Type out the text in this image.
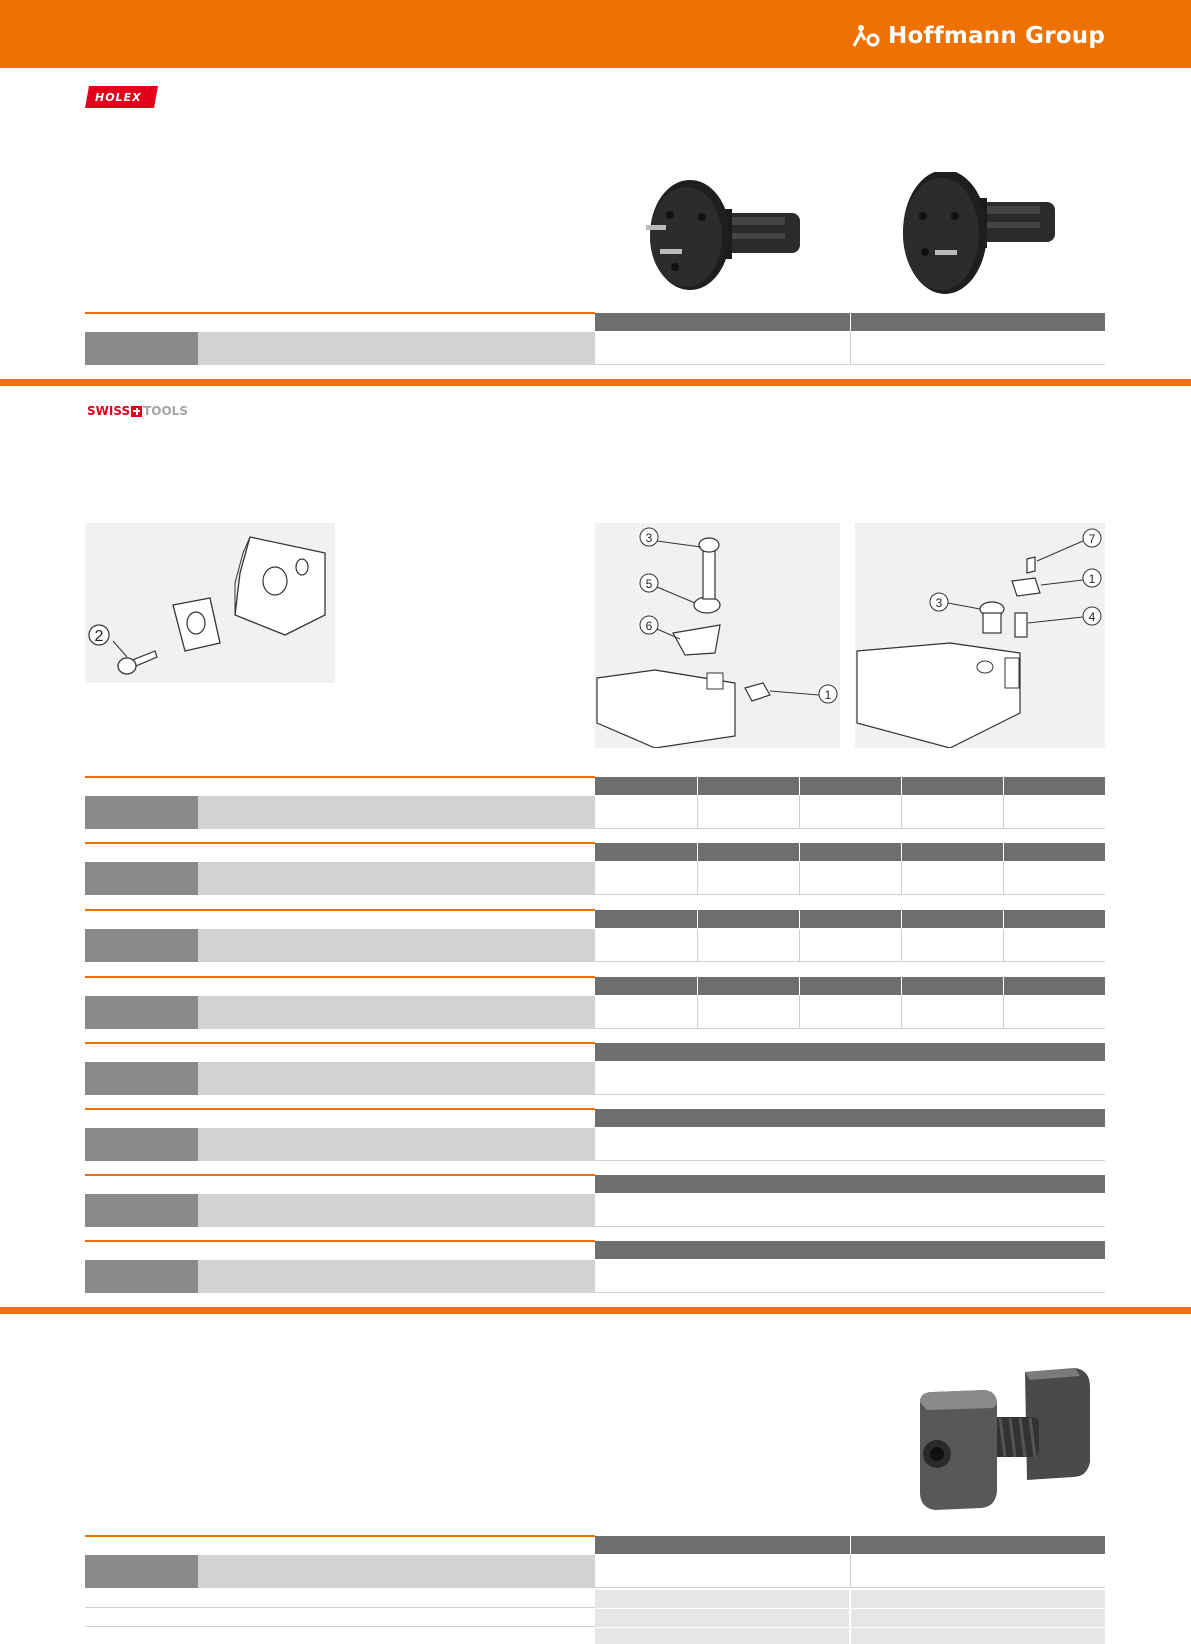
Hoffmann Group
HOLEX
SWISS TOOLS
2
3
5
6
1
7
1
3
4
